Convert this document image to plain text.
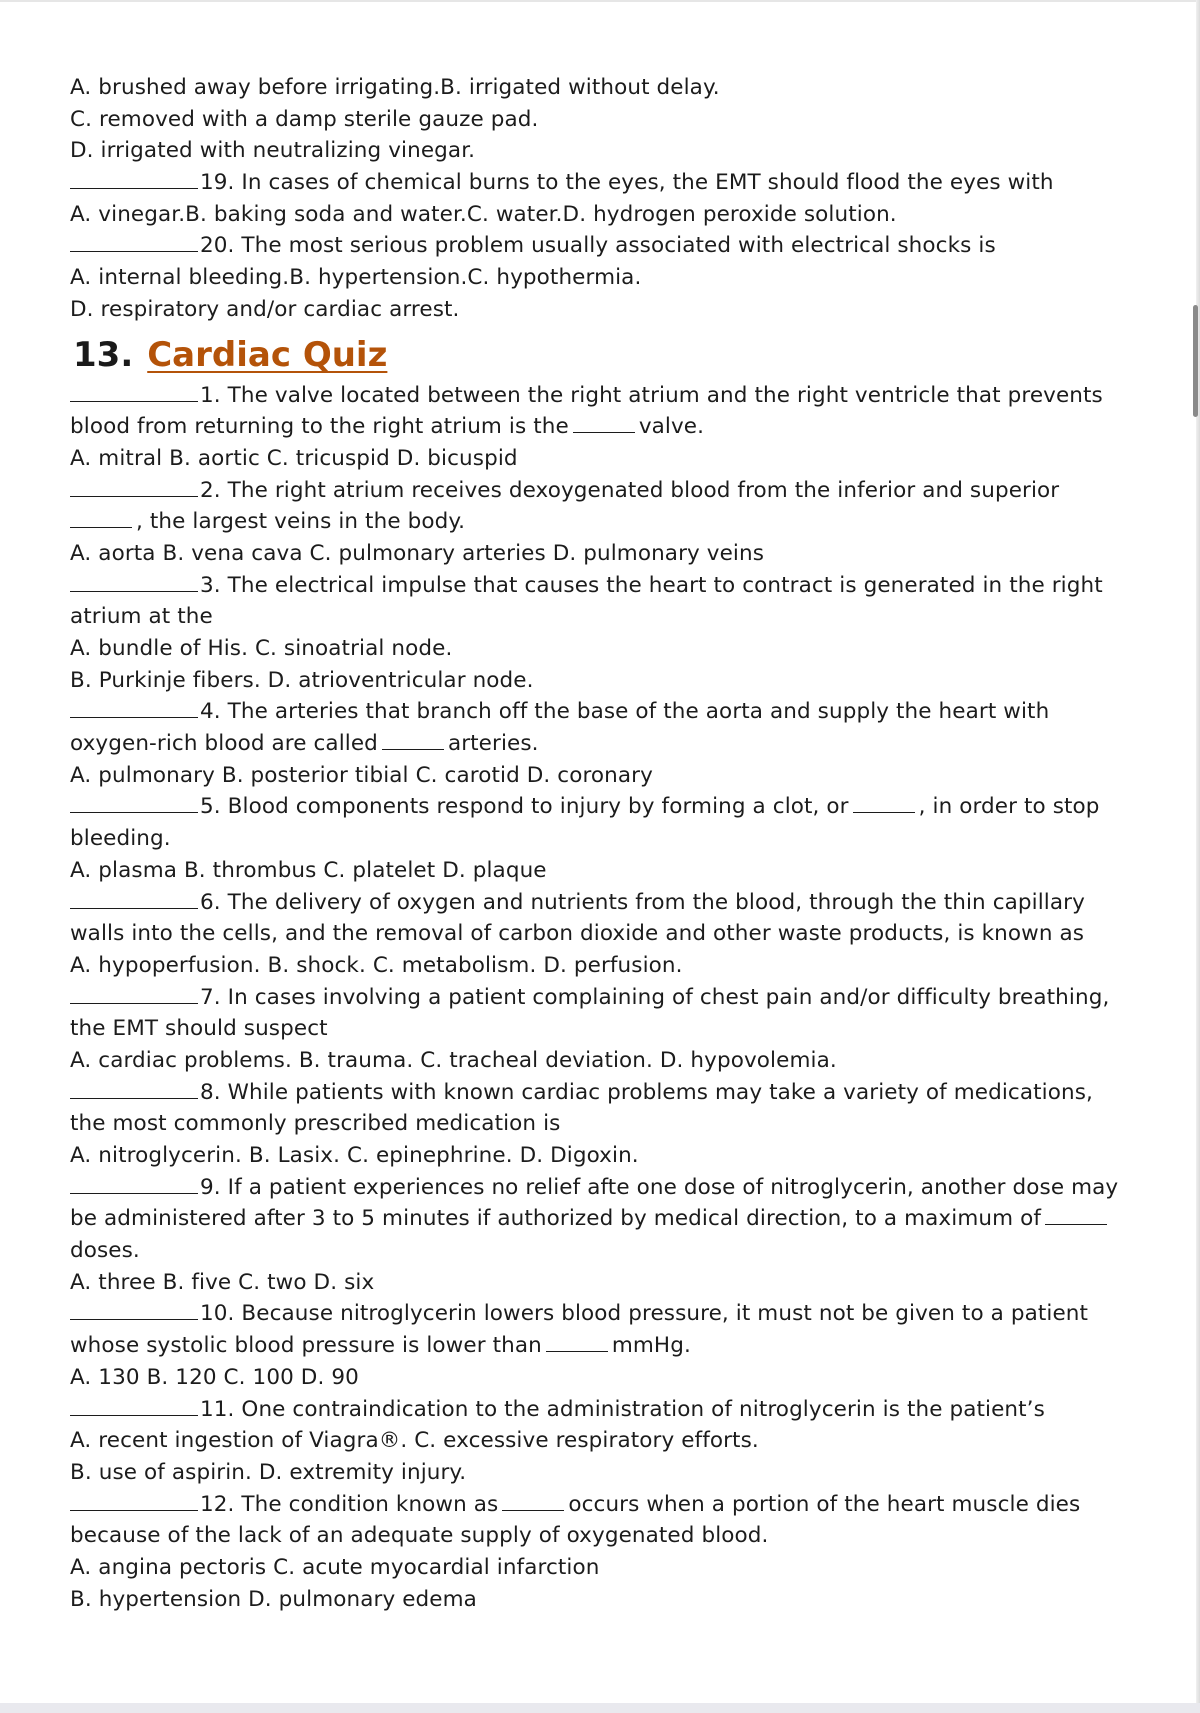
A. brushed away before irrigating.B. irrigated without delay.
C. removed with a damp sterile gauze pad.
D. irrigated with neutralizing vinegar.
19. In cases of chemical burns to the eyes, the EMT should flood the eyes with
A. vinegar.B. baking soda and water.C. water.D. hydrogen peroxide solution.
20. The most serious problem usually associated with electrical shocks is
A. internal bleeding.B. hypertension.C. hypothermia.
D. respiratory and/or cardiac arrest.
13. Cardiac Quiz
1. The valve located between the right atrium and the right ventricle that prevents
blood from returning to the right atrium is the	valve.
A. mitral B. aortic C. tricuspid D. bicuspid
2. The right atrium receives dexoygenated blood from the inferior and superior
, the largest veins in the body.
A. aorta B. vena cava C. pulmonary arteries D. pulmonary veins
3. The electrical impulse that causes the heart to contract is generated in the right
atrium at the
A. bundle of His. C. sinoatrial node.
B. Purkinje fibers. D. atrioventricular node.
4. The arteries that branch off the base of the aorta and supply the heart with
oxygen-rich blood are called	arteries.
A. pulmonary B. posterior tibial C. carotid D. coronary
5. Blood components respond to injury by forming a clot, or	, in order to stop
bleeding.
A. plasma B. thrombus C. platelet D. plaque
6. The delivery of oxygen and nutrients from the blood, through the thin capillary
walls into the cells, and the removal of carbon dioxide and other waste products, is known as
A. hypoperfusion. B. shock. C. metabolism. D. perfusion.
7. In cases involving a patient complaining of chest pain and/or difficulty breathing,
the EMT should suspect
A. cardiac problems. B. trauma. C. tracheal deviation. D. hypovolemia.
8. While patients with known cardiac problems may take a variety of medications,
the most commonly prescribed medication is
A. nitroglycerin. B. Lasix. C. epinephrine. D. Digoxin.
9. If a patient experiences no relief afte one dose of nitroglycerin, another dose may
be administered after 3 to 5 minutes if authorized by medical direction, to a maximum of
doses.
A. three B. five C. two D. six
10. Because nitroglycerin lowers blood pressure, it must not be given to a patient
whose systolic blood pressure is lower than	mmHg.
A. 130 B. 120 C. 100 D. 90
11. One contraindication to the administration of nitroglycerin is the patient’s
A. recent ingestion of Viagra®. C. excessive respiratory efforts.
B. use of aspirin. D. extremity injury.
12. The condition known as	occurs when a portion of the heart muscle dies
because of the lack of an adequate supply of oxygenated blood.
A. angina pectoris C. acute myocardial infarction
B. hypertension D. pulmonary edema
